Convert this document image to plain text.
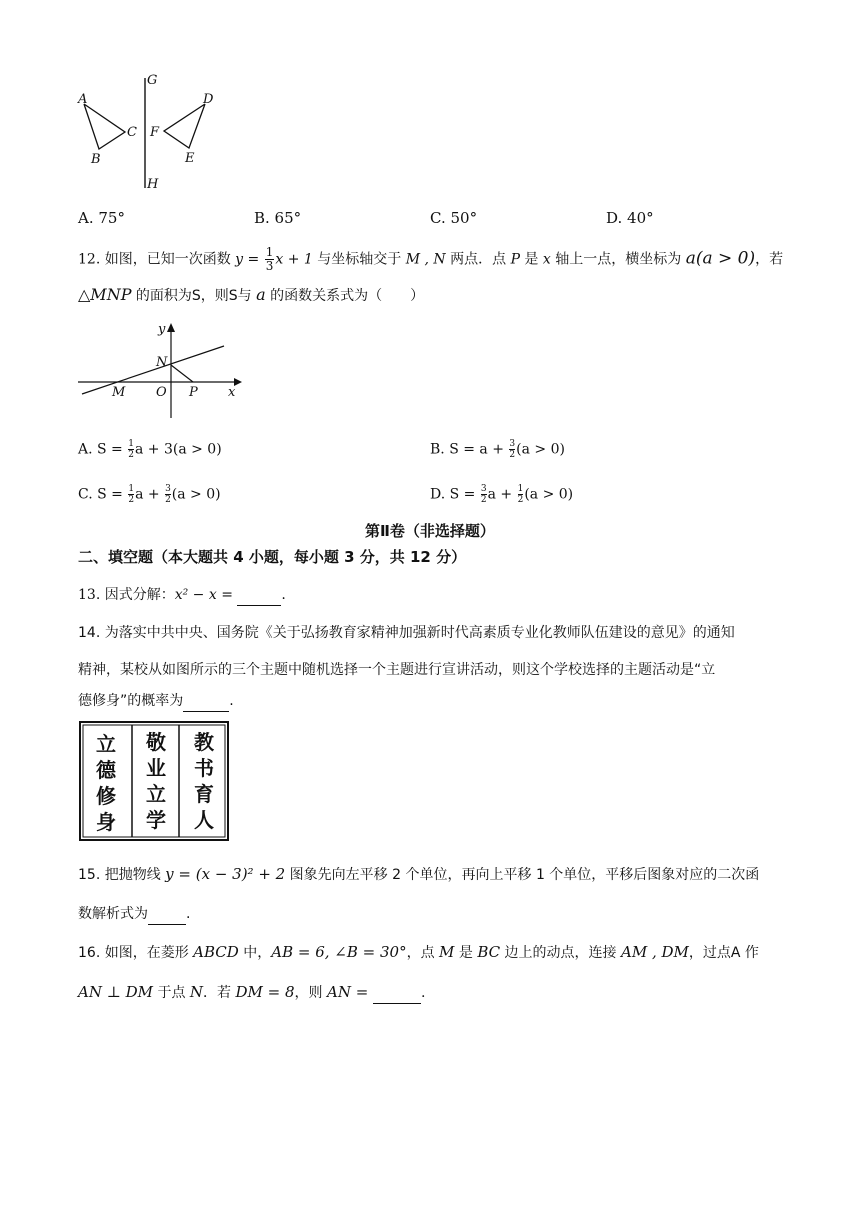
A
B
C
D
E
F
G
H
A. 75°	B. 65°	C. 50°	D. 40°
12. 如图，已知一次函数 $y = \frac{1}{3}$ x + 1 与坐标轴交于 M , N 两点．点 P 是 x 轴上一点，横坐标为 a(a > 0)，若
△MNP 的面积为S，则S与 a 的函数关系式为（　　）
y
N
M O P x
A. $S = \frac{1}{2}$ a + 3(a > 0)	B. $S = a + \frac{3}{2} (a > 0)$
C. $S = \frac{1}{2}$ $a + \frac{3}{2} (a > 0)$	D. $S = \frac{3}{2}$ $a + \frac{1}{2} (a > 0)$
第Ⅱ卷（非选择题）
二、填空题（本大题共 4 小题，每小题 3 分，共 12 分）
13. 因式分解：x² − x =	.
14. 为落实中共中央、国务院《关于弘扬教育家精神加强新时代高素质专业化教师队伍建设的意见》的通知
精神，某校从如图所示的三个主题中随机选择一个主题进行宣讲活动，则这个学校选择的主题活动是“立
德修身”的概率为	.
立
德
修
身
敬
业
立
学
教
书
育
人
15. 把抛物线 y = (x − 3)² + 2 图象先向左平移 2 个单位，再向上平移 1 个单位，平移后图象对应的二次函
数解析式为	.
16. 如图，在菱形 ABCD 中，AB = 6, ∠B = 30°，点 M 是 BC 边上的动点，连接 AM , DM，过点A 作
AN ⊥ DM 于点 N．若 DM = 8，则 AN =	.
